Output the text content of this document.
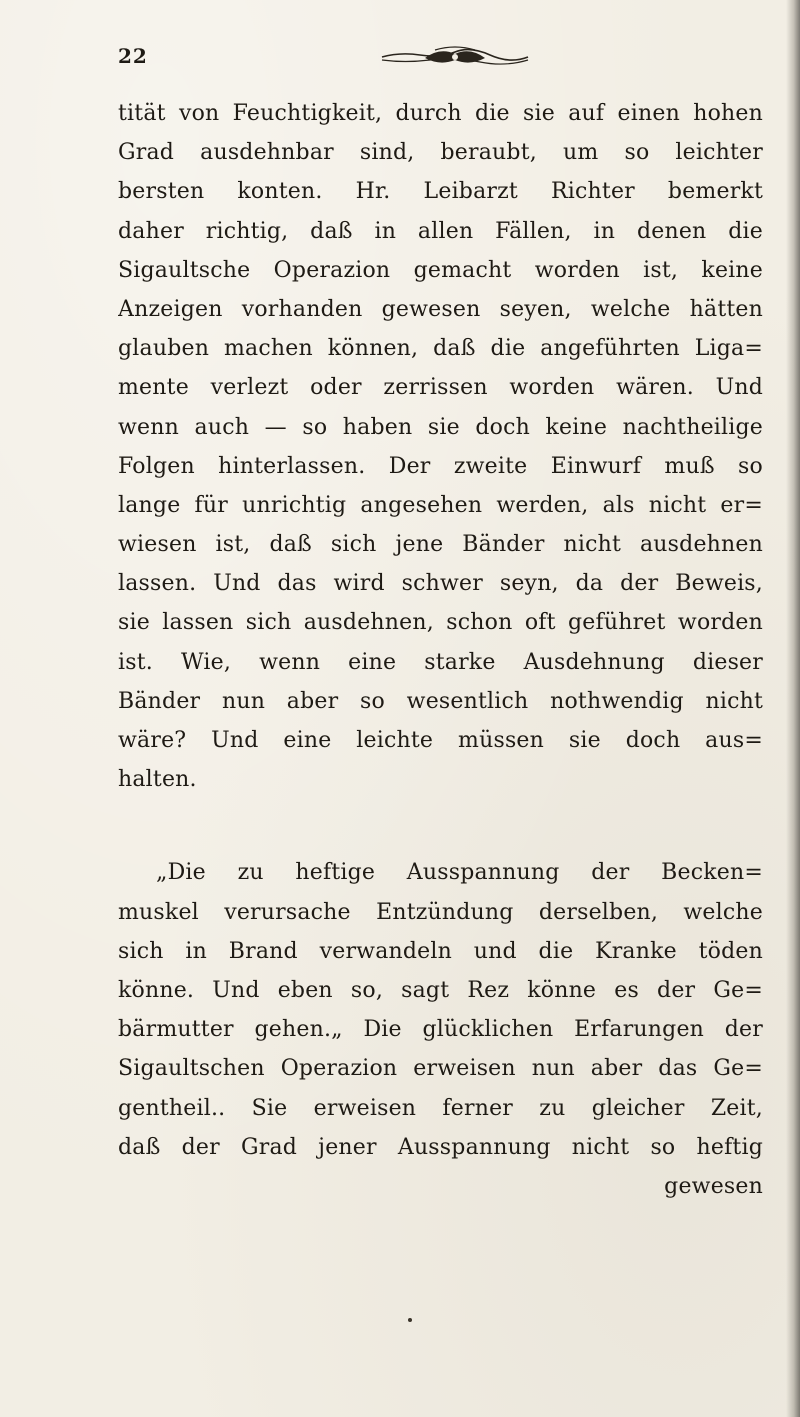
22
tität von Feuchtigkeit, durch die sie auf einen hohen
Grad ausdehnbar sind, beraubt, um so leichter
bersten konten. Hr. Leibarzt Richter bemerkt
daher richtig, daß in allen Fällen, in denen die
Sigaultsche Operazion gemacht worden ist, keine
Anzeigen vorhanden gewesen seyen, welche hätten
glauben machen können, daß die angeführten Liga=
mente verlezt oder zerrissen worden wären. Und
wenn auch — so haben sie doch keine nachtheilige
Folgen hinterlassen. Der zweite Einwurf muß so
lange für unrichtig angesehen werden, als nicht er=
wiesen ist, daß sich jene Bänder nicht ausdehnen
lassen. Und das wird schwer seyn, da der Beweis,
sie lassen sich ausdehnen, schon oft geführet worden
ist. Wie, wenn eine starke Ausdehnung dieser
Bänder nun aber so wesentlich nothwendig nicht
wäre? Und eine leichte müssen sie doch aus=
halten.
„Die zu heftige Ausspannung der Becken=
muskel verursache Entzündung derselben, welche
sich in Brand verwandeln und die Kranke töden
könne. Und eben so, sagt Rez könne es der Ge=
bärmutter gehen.„ Die glücklichen Erfarungen der
Sigaultschen Operazion erweisen nun aber das Ge=
gentheil.. Sie erweisen ferner zu gleicher Zeit,
daß der Grad jener Ausspannung nicht so heftig
gewesen
